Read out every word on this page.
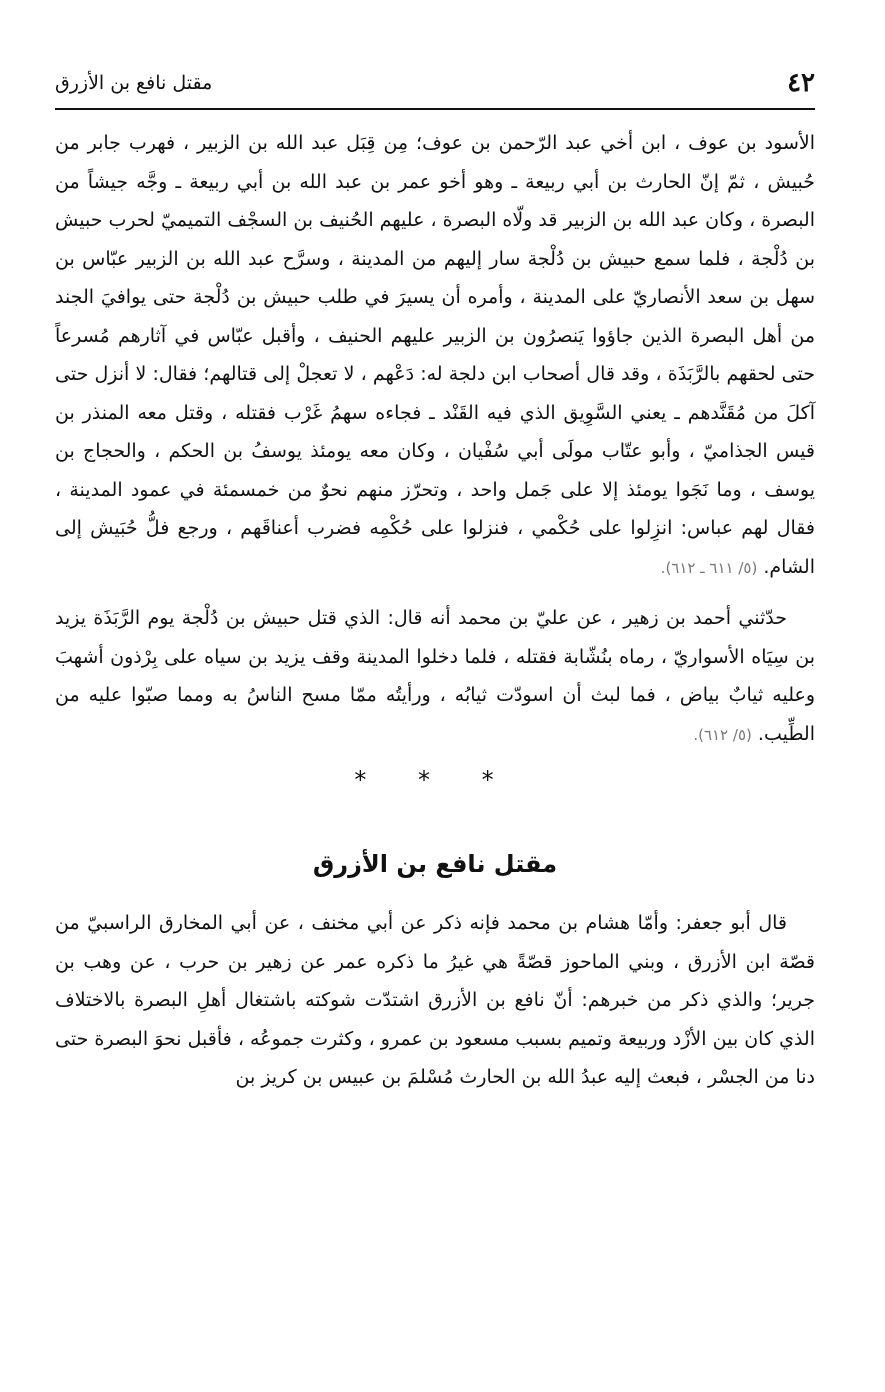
٤٢
مقتل نافع بن الأزرق

الأسود بن عوف ، ابن أخي عبد الرّحمن بن عوف؛ مِن قِبَل عبد الله بن الزبير ، فهرب جابر من حُبيش ، ثمّ إنّ الحارث بن أبي ربيعة ـ وهو أخو عمر بن عبد الله بن أبي ربيعة ـ وجَّه جيشاً من البصرة ، وكان عبد الله بن الزبير قد ولّاه البصرة ، عليهم الحُنيف بن السجْف التميميّ لحرب حبيش بن دُلْجة ، فلما سمع حبيش بن دُلْجة سار إليهم من المدينة ، وسرَّح عبد الله بن الزبير عبّاس بن سهل بن سعد الأنصاريّ على المدينة ، وأمره أن يسيرَ في طلب حبيش بن دُلْجة حتى يوافيَ الجند من أهل البصرة الذين جاؤوا يَنصرُون بن الزبير عليهم الحنيف ، وأقبل عبّاس في آثارهم مُسرعاً حتى لحقهم بالرَّبَذَة ، وقد قال أصحاب ابن دلجة له: دَعْهم ، لا تعجلْ إلى قتالهم؛ فقال: لا أنزل حتى آكلَ من مُقَنَّدهم ـ يعني السَّوِيق الذي فيه القَنْد ـ فجاءه سهمُ غَرْب فقتله ، وقتل معه المنذر بن قيس الجذاميّ ، وأبو عتّاب مولَى أبي سُفْيان ، وكان معه يومئذ يوسفُ بن الحكم ، والحجاج بن يوسف ، وما نَجَوا يومئذ إلا على جَمل واحد ، وتحرّز منهم نحوٌ من خمسمئة في عمود المدينة ، فقال لهم عباس: انزِلوا على حُكْمي ، فنزلوا على حُكْمِه فضرب أعناقَهم ، ورجع فلُّ حُبَيش إلى الشام. (٥/ ٦١١ ـ ٦١٢).

حدّثني أحمد بن زهير ، عن عليّ بن محمد أنه قال: الذي قتل حبيش بن دُلْجة يوم الرَّبَذَة يزيد بن سِيَاه الأسواريّ ، رماه بنُشّابة فقتله ، فلما دخلوا المدينة وقف يزيد بن سياه على بِرْذون أشهبَ وعليه ثيابٌ بياض ، فما لبث أن اسودّت ثيابُه ، ورأيتُه ممّا مسح الناسُ به ومما صبّوا عليه من الطِّيب. (٥/ ٦١٢).

* * *
مقتل نافع بن الأزرق

قال أبو جعفر: وأمّا هشام بن محمد فإنه ذكر عن أبي مخنف ، عن أبي المخارق الراسبيّ من قصّة ابن الأزرق ، وبني الماحوز قصّةً هي غيرُ ما ذكره عمر عن زهير بن حرب ، عن وهب بن جرير؛ والذي ذكر من خبرهم: أنّ نافع بن الأزرق اشتدّت شوكته باشتغال أهلِ البصرة بالاختلاف الذي كان بين الأزْد وربيعة وتميم بسبب مسعود بن عمرو ، وكثرت جموعُه ، فأقبل نحوَ البصرة حتى دنا من الجسْر ، فبعث إليه عبدُ الله بن الحارث مُسْلمَ بن عبيس بن كريز بن
